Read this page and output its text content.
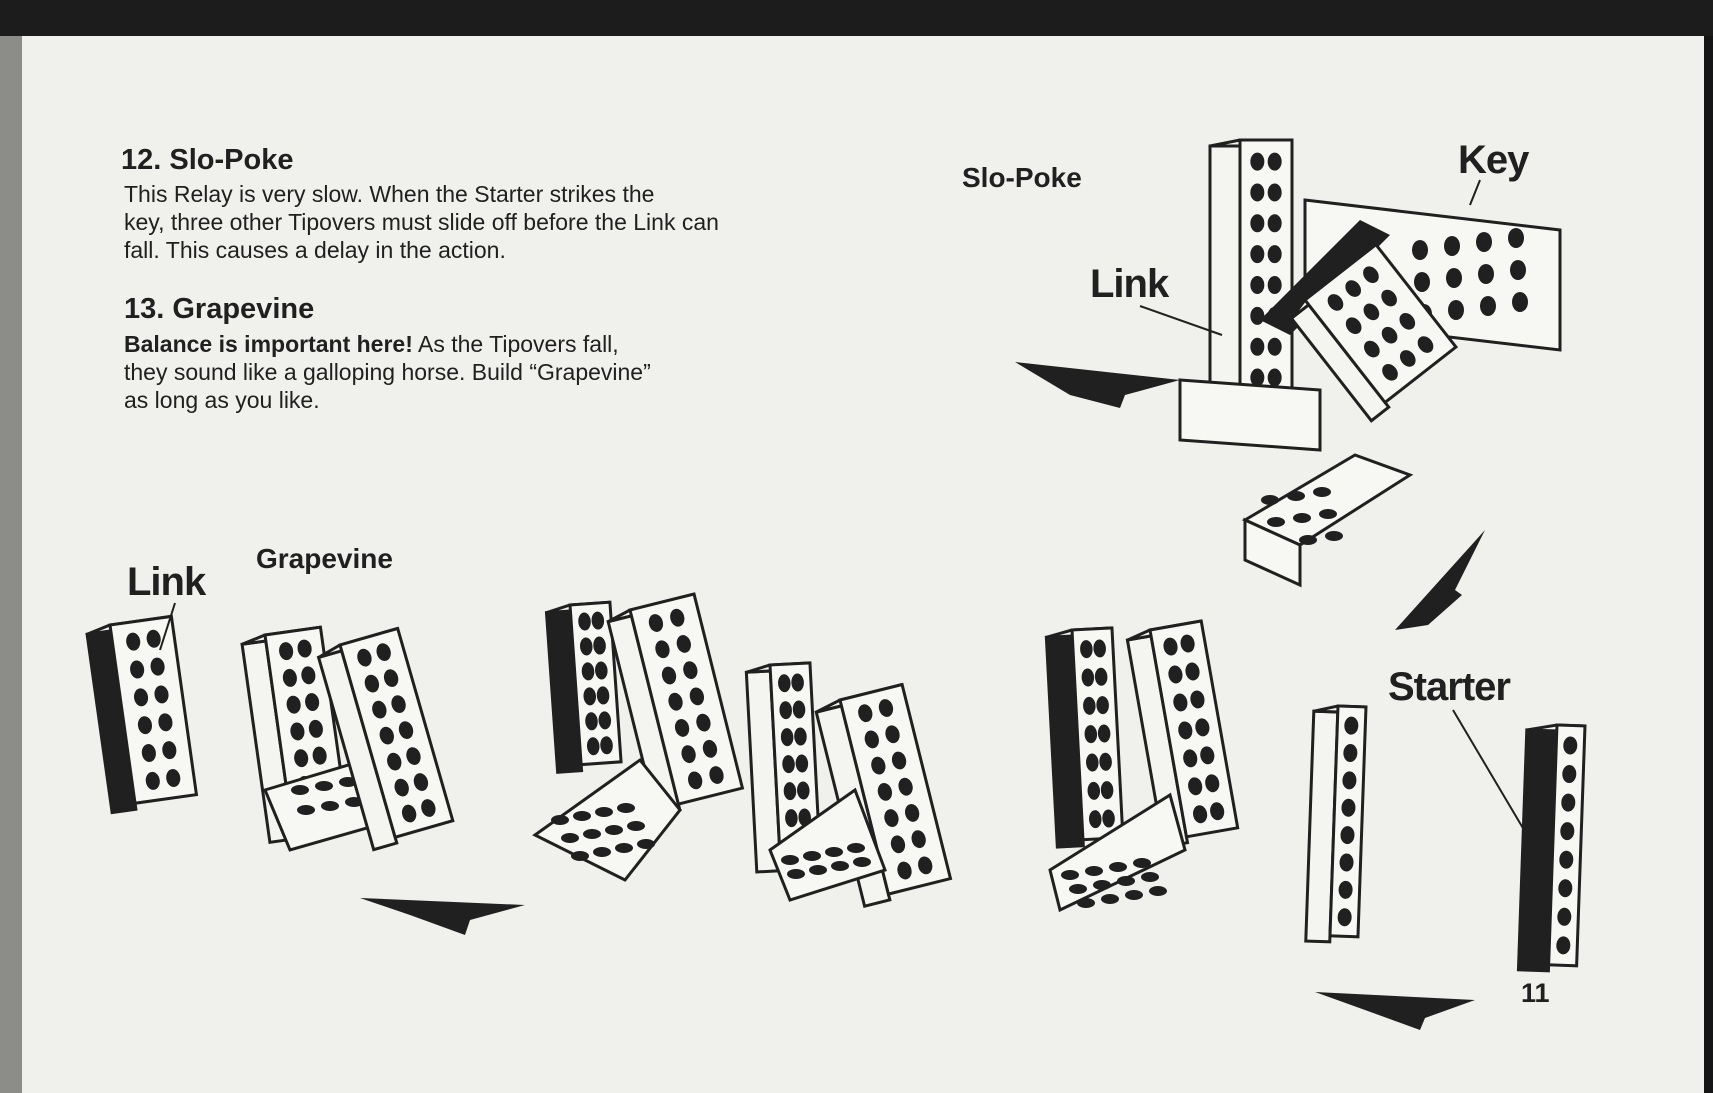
12. Slo-Poke
This Relay is very slow. When the Starter strikes the
key, three other Tipovers must slide off before the Link can
fall. This causes a delay in the action.
13. Grapevine
Balance is important here! As the Tipovers fall,
they sound like a galloping horse. Build “Grapevine”
as long as you like.
Slo-Poke	Key
Link
Grapevine
Link
Starter
11
